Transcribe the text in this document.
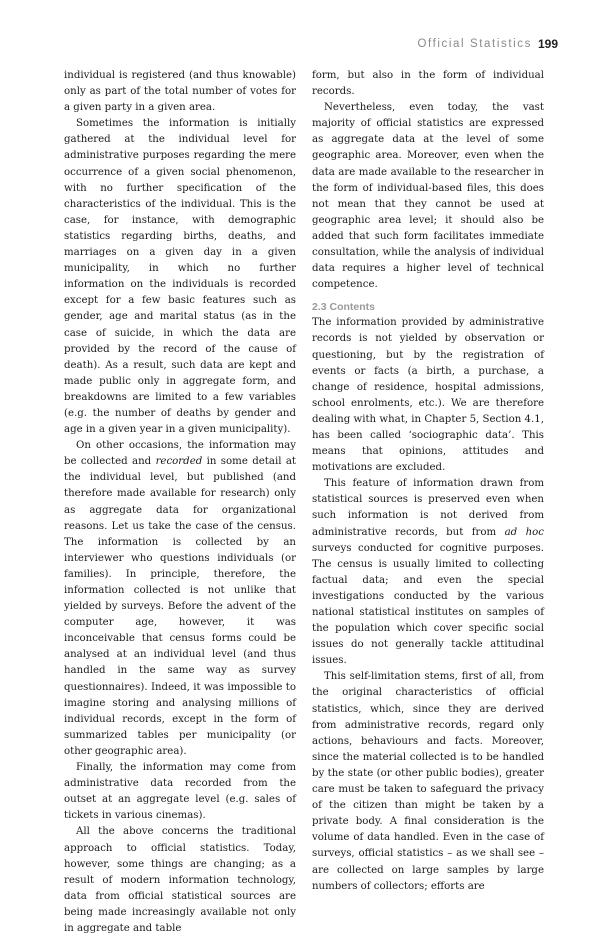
Official Statistics 199

individual is registered (and thus knowable) only as part of the total number of votes for a given party in a given area.

Sometimes the information is initially gathered at the individual level for administrative purposes regarding the mere occurrence of a given social phenomenon, with no further specification of the characteristics of the individual. This is the case, for instance, with demographic statistics regarding births, deaths, and marriages on a given day in a given municipality, in which no further information on the individuals is recorded except for a few basic features such as gender, age and marital status (as in the case of suicide, in which the data are provided by the record of the cause of death). As a result, such data are kept and made public only in aggregate form, and breakdowns are limited to a few variables (e.g. the number of deaths by gender and age in a given year in a given municipality).

On other occasions, the information may be collected and recorded in some detail at the individual level, but published (and therefore made available for research) only as aggregate data for organizational reasons. Let us take the case of the census. The information is collected by an interviewer who questions individuals (or families). In principle, therefore, the information collected is not unlike that yielded by surveys. Before the advent of the computer age, however, it was inconceivable that census forms could be analysed at an individual level (and thus handled in the same way as survey questionnaires). Indeed, it was impossible to imagine storing and analysing millions of individual records, except in the form of summarized tables per municipality (or other geographic area).

Finally, the information may come from administrative data recorded from the outset at an aggregate level (e.g. sales of tickets in various cinemas).

All the above concerns the traditional approach to official statistics. Today, however, some things are changing; as a result of modern information technology, data from official statistical sources are being made increasingly available not only in aggregate and table

form, but also in the form of individual records.

Nevertheless, even today, the vast majority of official statistics are expressed as aggregate data at the level of some geographic area. Moreover, even when the data are made available to the researcher in the form of individual-based files, this does not mean that they cannot be used at geographic area level; it should also be added that such form facilitates immediate consultation, while the analysis of individual data requires a higher level of technical competence.

2.3 Contents

The information provided by administrative records is not yielded by observation or questioning, but by the registration of events or facts (a birth, a purchase, a change of residence, hospital admissions, school enrolments, etc.). We are therefore dealing with what, in Chapter 5, Section 4.1, has been called ‘sociographic data’. This means that opinions, attitudes and motivations are excluded.

This feature of information drawn from statistical sources is preserved even when such information is not derived from administrative records, but from ad hoc surveys conducted for cognitive purposes. The census is usually limited to collecting factual data; and even the special investigations conducted by the various national statistical institutes on samples of the population which cover specific social issues do not generally tackle attitudinal issues.

This self-limitation stems, first of all, from the original characteristics of official statistics, which, since they are derived from administrative records, regard only actions, behaviours and facts. Moreover, since the material collected is to be handled by the state (or other public bodies), greater care must be taken to safeguard the privacy of the citizen than might be taken by a private body. A final consideration is the volume of data handled. Even in the case of surveys, official statistics – as we shall see – are collected on large samples by large numbers of collectors; efforts are
